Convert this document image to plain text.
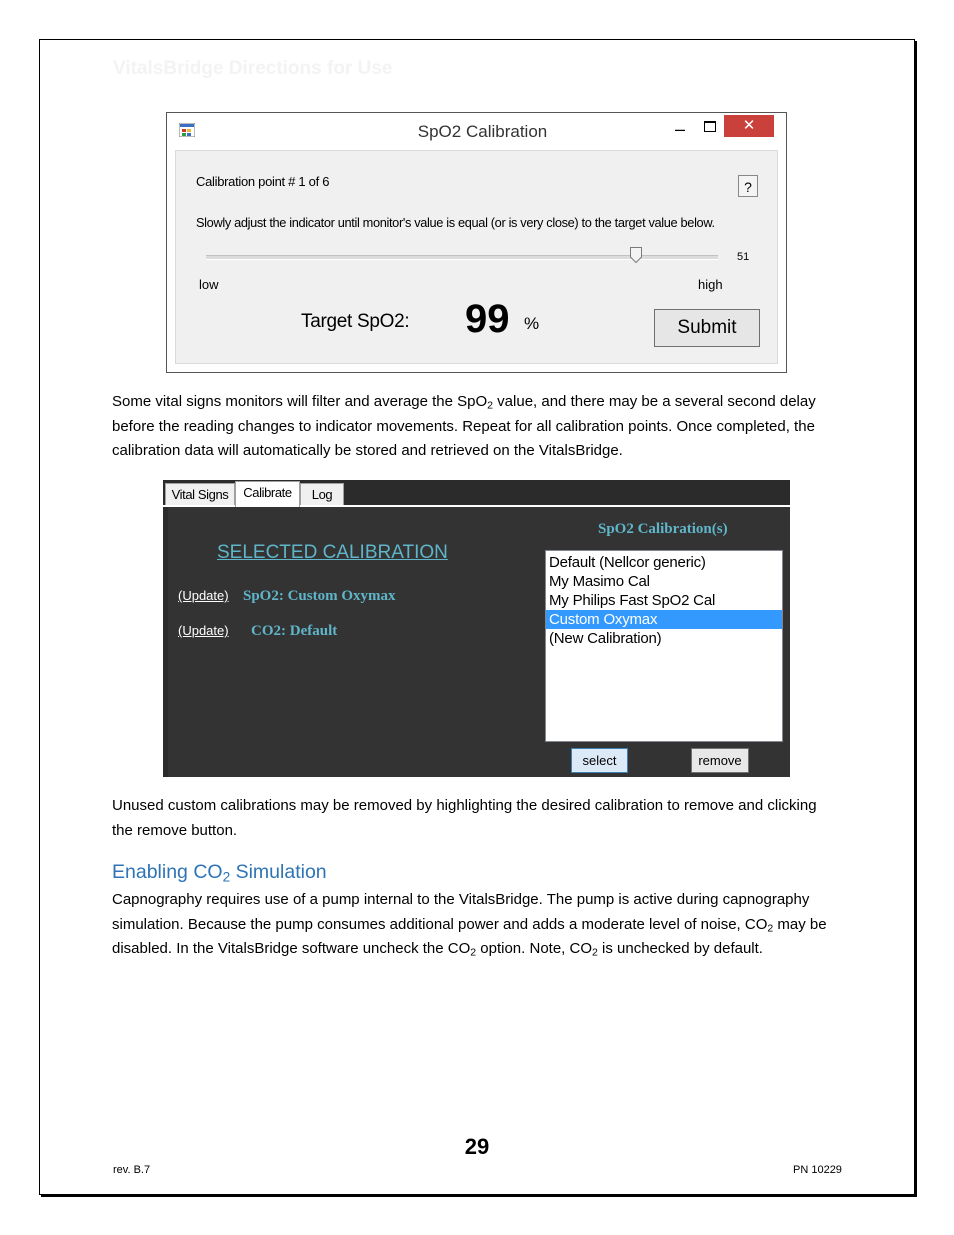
VitalsBridge Directions for Use
SpO2 Calibration	–	✕
Calibration point # 1 of 6	?
Slowly adjust the indicator until monitor's value is equal (or is very close) to the target value below.
51
low	high
Target SpO2: 99 %	Submit

Some vital signs monitors will filter and average the SpO$_2$ value, and there may be a several second delay before the reading changes to indicator movements. Repeat for all calibration points. Once completed, the calibration data will automatically be stored and retrieved on the VitalsBridge.

Vital Signs	Calibrate	Log
SELECTED CALIBRATION
(Update) SpO2: Custom Oxymax
(Update) CO2: Default
SpO2 Calibration(s)
Default (Nellcor generic)
My Masimo Cal
My Philips Fast SpO2 Cal
Custom Oxymax
(New Calibration)
select	remove

Unused custom calibrations may be removed by highlighting the desired calibration to remove and clicking the remove button.

Enabling $CO_2$ Simulation

Capnography requires use of a pump internal to the VitalsBridge. The pump is active during capnography simulation. Because the pump consumes additional power and adds a moderate level of noise, $CO_2$ may be disabled. In the VitalsBridge software uncheck the $CO_2$ option. Note, $CO_2$ is unchecked by default.

29
rev. B.7	PN 10229
